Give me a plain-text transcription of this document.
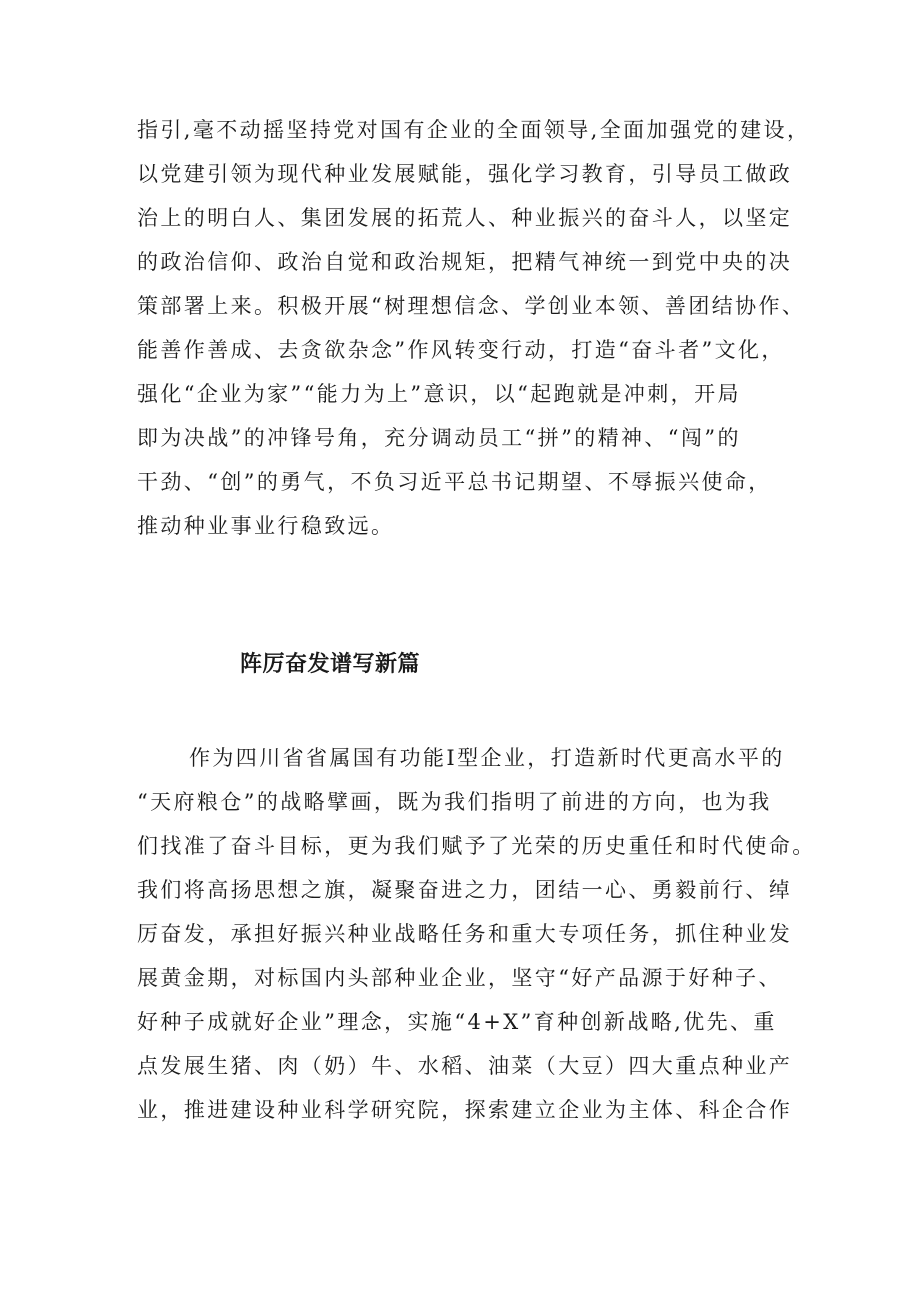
指引,毫不动摇坚持党对国有企业的全面领导,全面加强党的建设，
以党建引领为现代种业发展赋能，强化学习教育，引导员工做政
治上的明白人、集团发展的拓荒人、种业振兴的奋斗人，以坚定
的政治信仰、政治自觉和政治规矩，把精气神统一到党中央的决
策部署上来。积极开展“树理想信念、学创业本领、善团结协作、
能善作善成、去贪欲杂念”作风转变行动，打造“奋斗者”文化，
强化“企业为家”“能力为上”意识，以“起跑就是冲刺，开局
即为决战”的冲锋号角，充分调动员工“拼”的精神、“闯”的
干劲、“创”的勇气，不负习近平总书记期望、不辱振兴使命，
推动种业事业行稳致远。
阵厉奋发谱写新篇
作为四川省省属国有功能Ⅰ型企业，打造新时代更高水平的
“天府粮仓”的战略擘画，既为我们指明了前进的方向，也为我
们找准了奋斗目标，更为我们赋予了光荣的历史重任和时代使命。
我们将高扬思想之旗，凝聚奋进之力，团结一心、勇毅前行、绰
厉奋发，承担好振兴种业战略任务和重大专项任务，抓住种业发
展黄金期，对标国内头部种业企业，坚守“好产品源于好种子、
好种子成就好企业”理念，实施“4+X”育种创新战略,优先、重
点发展生猪、肉（奶）牛、水稻、油菜（大豆）四大重点种业产
业，推进建设种业科学研究院，探索建立企业为主体、科企合作
